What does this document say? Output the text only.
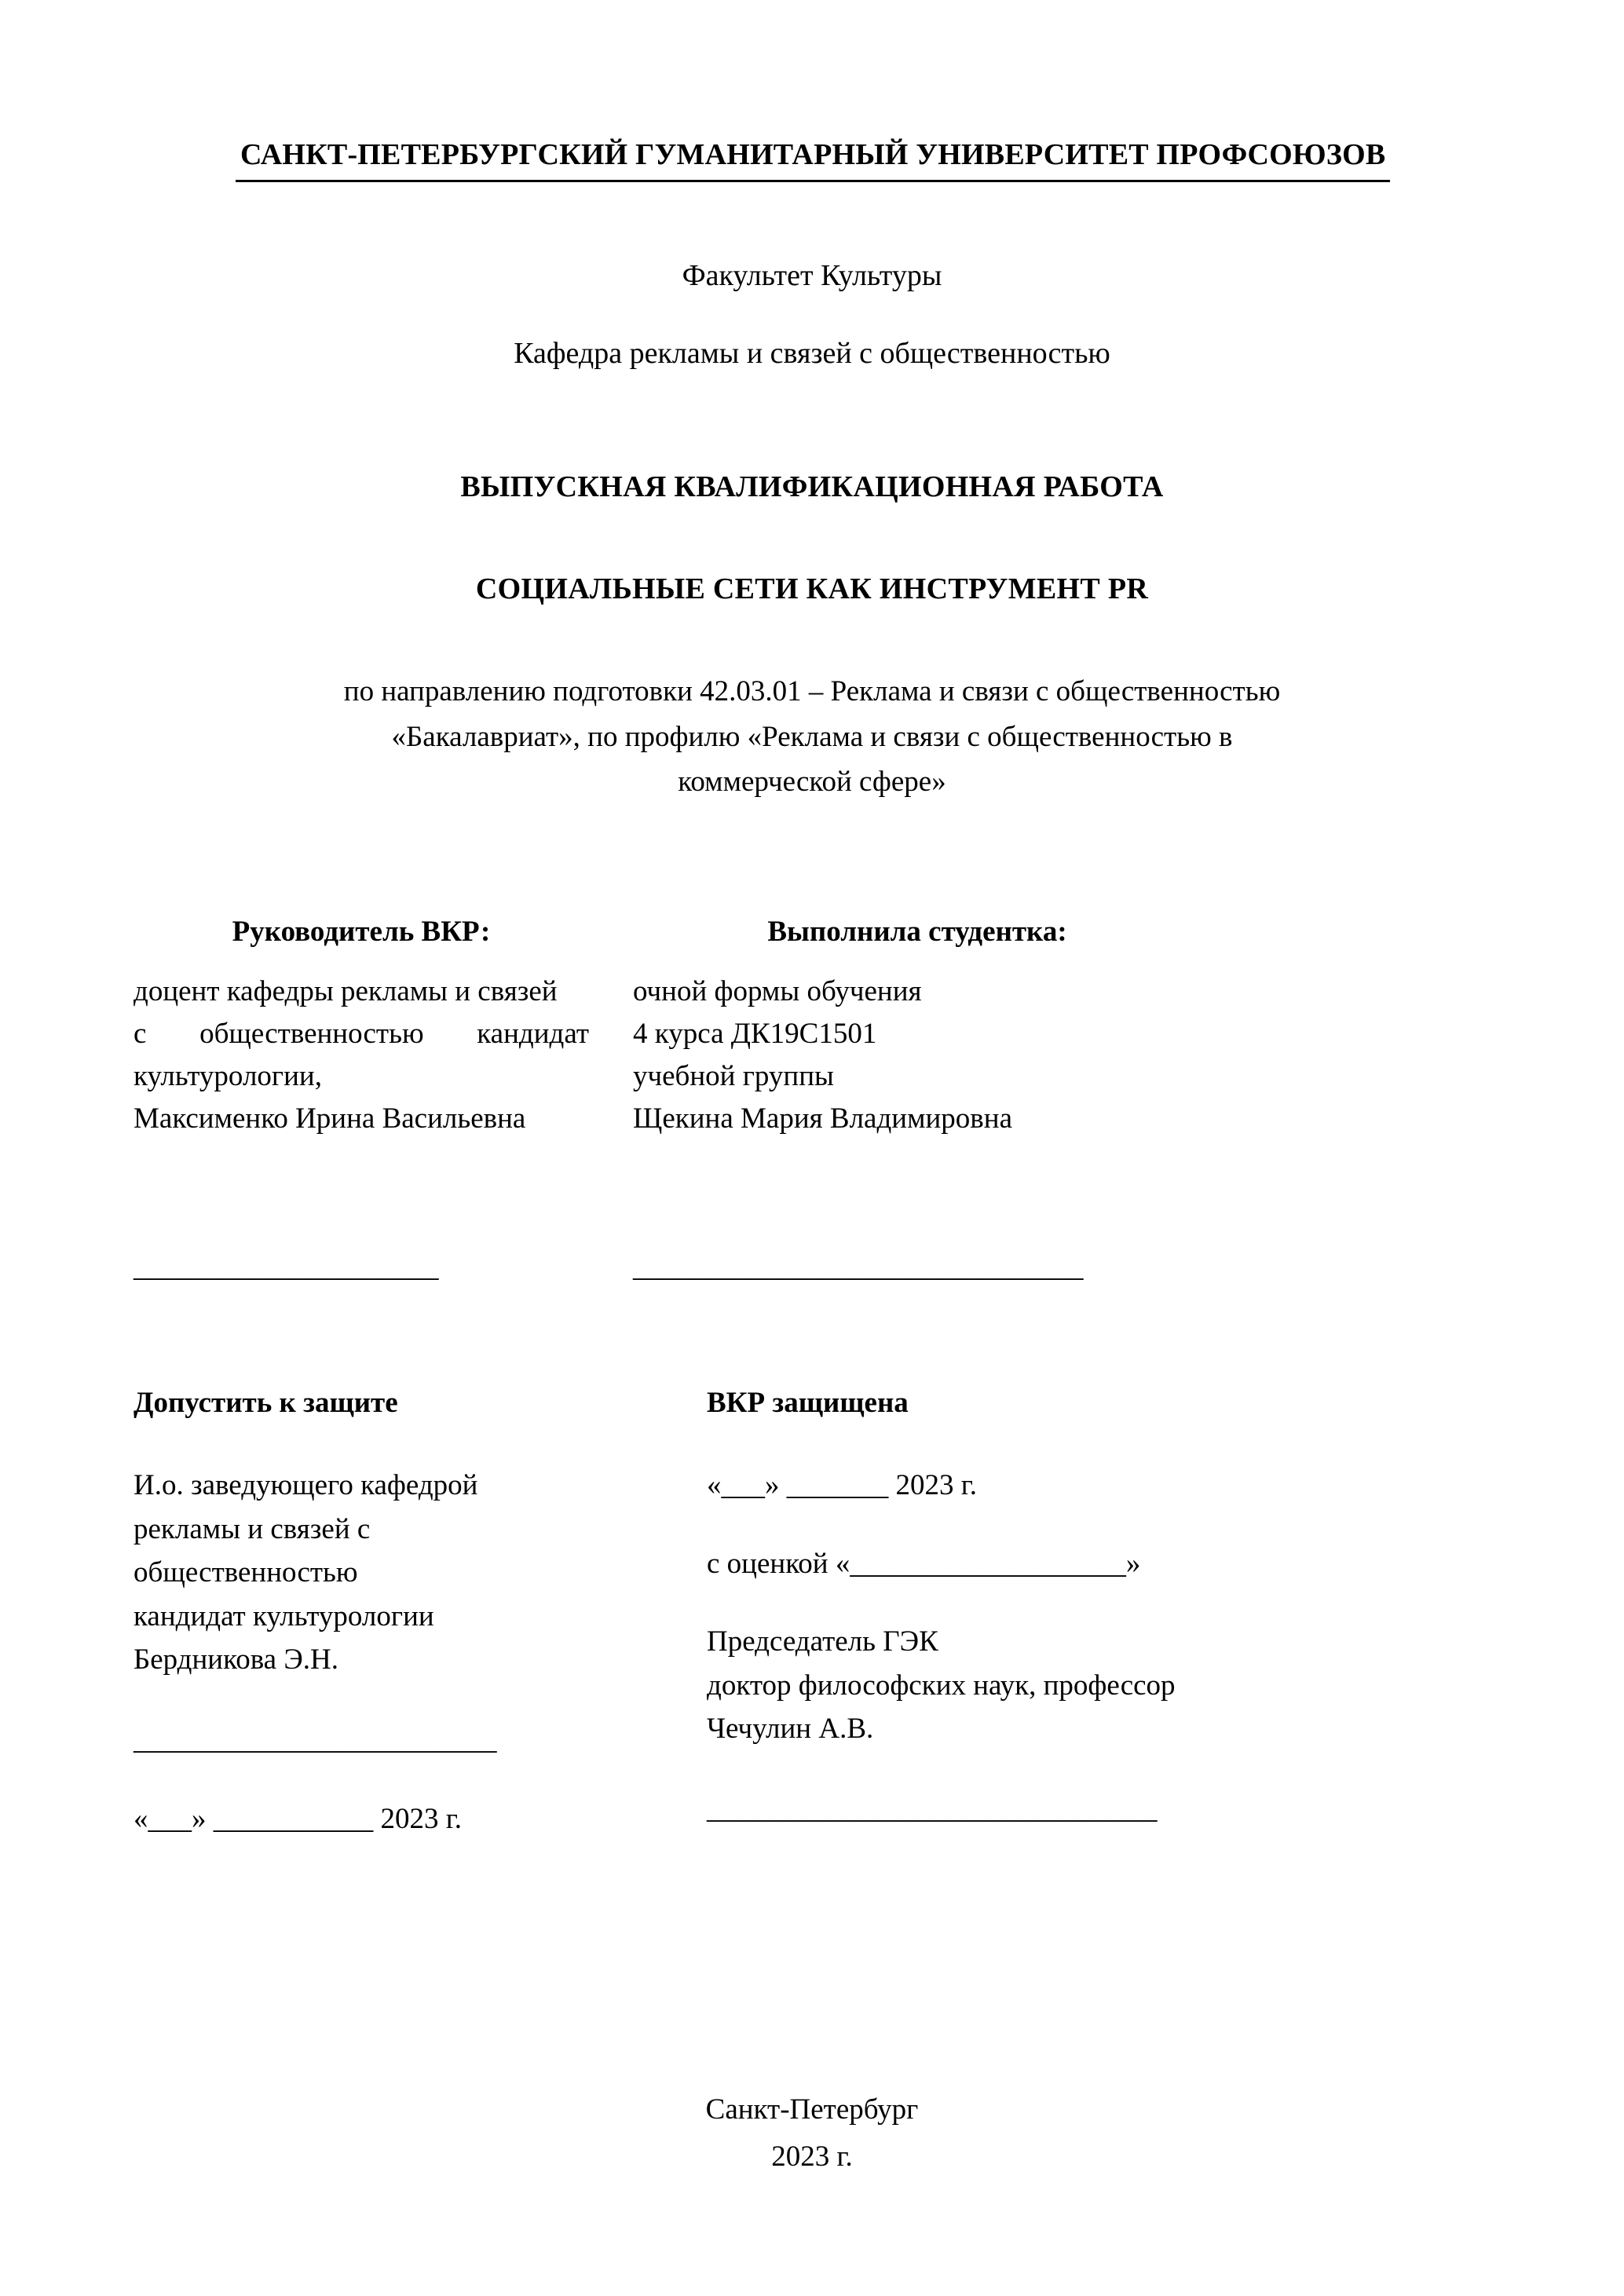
САНКТ-ПЕТЕРБУРГСКИЙ ГУМАНИТАРНЫЙ УНИВЕРСИТЕТ ПРОФСОЮЗОВ
Факультет Культуры
Кафедра рекламы и связей с общественностью
ВЫПУСКНАЯ КВАЛИФИКАЦИОННАЯ РАБОТА
СОЦИАЛЬНЫЕ СЕТИ КАК ИНСТРУМЕНТ PR
по направлению подготовки 42.03.01 – Реклама и связи с общественностью
«Бакалавриат», по профилю «Реклама и связи с общественностью в
коммерческой сфере»
Руководитель ВКР:
доцент кафедры рекламы и связей
с общественностью кандидат
культурологии,
Максименко Ирина Васильевна
Выполнила студентка:
очной формы обучения
4 курса ДК19С1501
учебной группы
Щекина Мария Владимировна
_____________________	_______________________________
Допустить к защите
И.о. заведующего кафедрой
рекламы и связей с
общественностью
кандидат культурологии
Бердникова Э.Н.
_________________________
«___» ___________ 2023 г.
ВКР защищена
«___» _______ 2023 г.
с оценкой «___________________»
Председатель ГЭК
доктор философских наук, профессор
Чечулин А.В.
_______________________________
Санкт-Петербург
2023 г.
